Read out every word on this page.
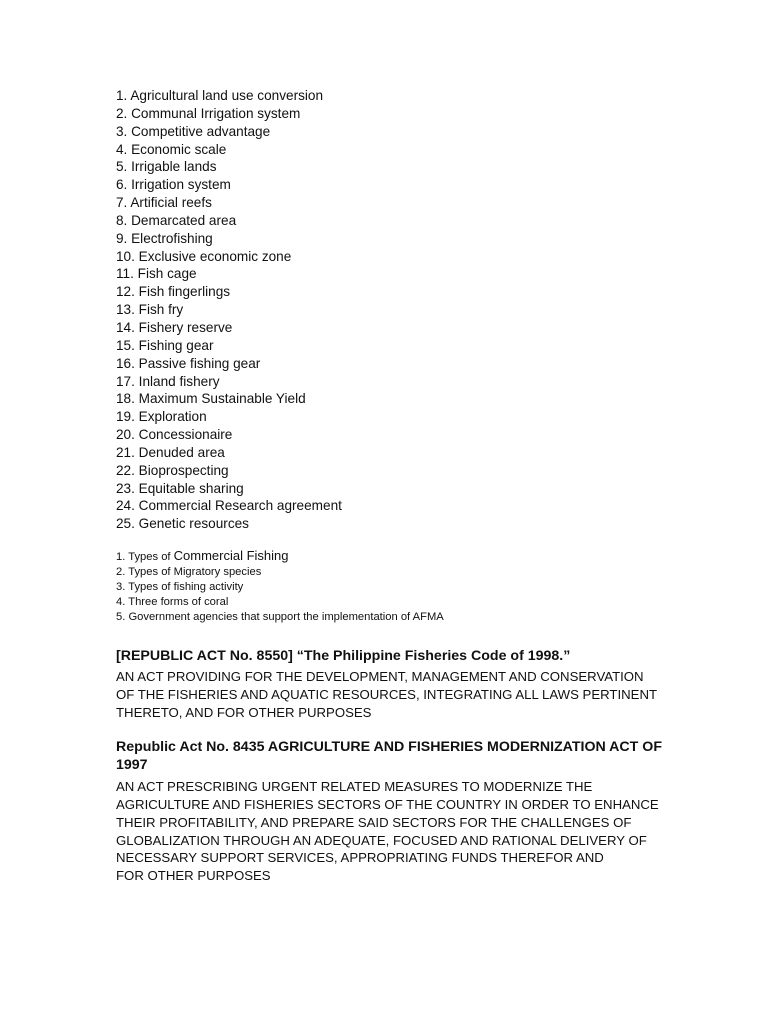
1. Agricultural land use conversion
2. Communal Irrigation system
3. Competitive advantage
4. Economic scale
5. Irrigable lands
6. Irrigation system
7. Artificial reefs
8. Demarcated area
9. Electrofishing
10. Exclusive economic zone
11. Fish cage
12. Fish fingerlings
13. Fish fry
14. Fishery reserve
15. Fishing gear
16. Passive fishing gear
17. Inland fishery
18. Maximum Sustainable Yield
19. Exploration
20. Concessionaire
21. Denuded area
22. Bioprospecting
23. Equitable sharing
24. Commercial Research agreement
25. Genetic resources
1. Types of Commercial Fishing
2. Types of Migratory species
3. Types of fishing activity
4. Three forms of coral
5. Government agencies that support the implementation of AFMA
[REPUBLIC ACT No. 8550] “The Philippine Fisheries Code of 1998.”

AN ACT PROVIDING FOR THE DEVELOPMENT, MANAGEMENT AND CONSERVATION
OF THE FISHERIES AND AQUATIC RESOURCES, INTEGRATING ALL LAWS PERTINENT
THERETO, AND FOR OTHER PURPOSES

Republic Act No. 8435 AGRICULTURE AND FISHERIES MODERNIZATION ACT OF
1997

AN ACT PRESCRIBING URGENT RELATED MEASURES TO MODERNIZE THE
AGRICULTURE AND FISHERIES SECTORS OF THE COUNTRY IN ORDER TO ENHANCE
THEIR PROFITABILITY, AND PREPARE SAID SECTORS FOR THE CHALLENGES OF
GLOBALIZATION THROUGH AN ADEQUATE, FOCUSED AND RATIONAL DELIVERY OF
NECESSARY SUPPORT SERVICES, APPROPRIATING FUNDS THEREFOR AND
FOR OTHER PURPOSES
